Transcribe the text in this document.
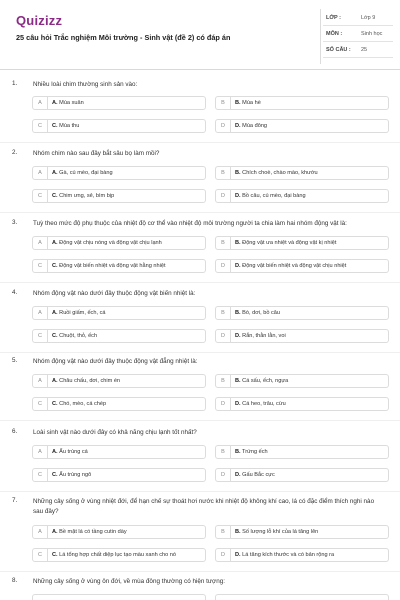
Quizizz
25 câu hỏi Trắc nghiệm Môi trường - Sinh vật (đề 2) có đáp án
LỚP :	Lớp 9
MÔN :	Sinh học
SỐ CÂU : 25
1. Nhiều loài chim thường sinh sản vào:
A	A. Mùa xuân	B	B. Mùa hè
C	C. Mùa thu	D	D. Mùa đông
2. Nhóm chim nào sau đây bắt sâu bọ làm mồi?
A	A. Gà, cú mèo, đại bàng	B	B. Chích choè, chào mào, khướu
C	C. Chim ưng, sẻ, bìm bịp	D	D. Bồ câu, cú mèo, đại bàng
3. Tuỳ theo mức độ phụ thuộc của nhiệt độ cơ thể vào nhiệt độ môi trường người ta chia làm hai nhóm động vật là:
A	A. Động vật chịu nóng và động vật chịu lạnh	B	B. Động vật ưa nhiệt và động vật kị nhiệt
C	C. Động vật biến nhiệt và động vật hằng nhiệt	D	D. Động vật biến nhiệt và động vật chịu nhiệt
4. Nhóm động vật nào dưới đây thuộc động vật biến nhiệt là:
A	A. Ruồi giấm, ếch, cá	B	B. Bò, dơi, bồ câu
C	C. Chuột, thỏ, ếch	D	D. Rắn, thằn lằn, voi
5. Nhóm động vật nào dưới đây thuộc động vật đẳng nhiệt là:
A	A. Châu chấu, dơi, chim én	B	B. Cá sấu, ếch, ngựa
C	C. Chó, mèo, cá chép	D	D. Cá heo, trâu, cừu
6. Loài sinh vật nào dưới đây có khả năng chịu lạnh tốt nhất?
A	A. Ấu trùng cá	B	B. Trứng ếch
C	C. Ấu trùng ngô	D	D. Gấu Bắc cực
7. Những cây sống ở vùng nhiệt đới, để hạn chế sự thoát hơi nước khi nhiệt độ không khí cao, lá có đặc điểm thích nghi nào sau đây?
A	A. Bề mặt lá có tầng cutin dày	B	B. Số lượng lỗ khí của lá tăng lên
C	C. Lá tổng hợp chất diệp lục tạo màu xanh cho nó	D	D. Lá tăng kích thước và có bản rộng ra
8. Những cây sống ở vùng ôn đới, về mùa đông thường có hiện tượng:
